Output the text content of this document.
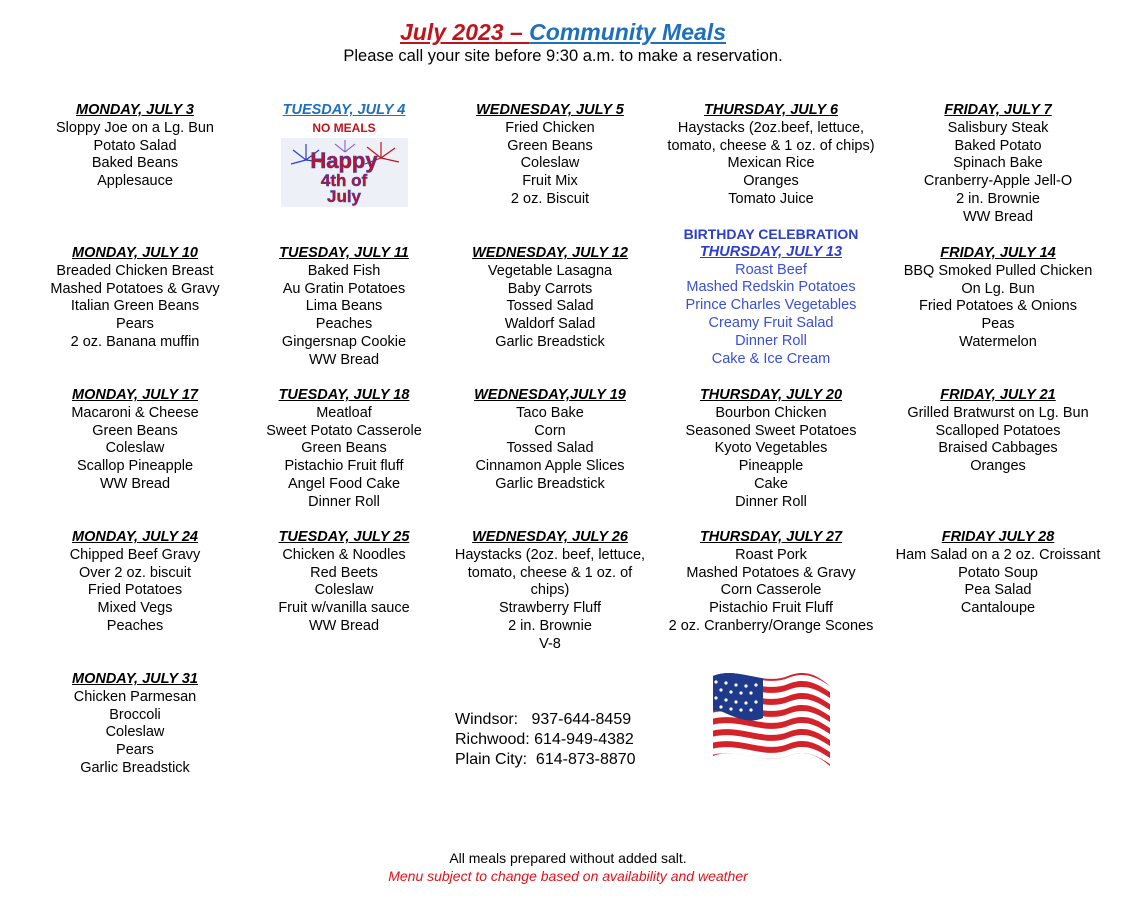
July 2023 – Community Meals
Please call your site before 9:30 a.m. to make a reservation.
MONDAY, JULY 3
Sloppy Joe on a Lg. Bun
Potato Salad
Baked Beans
Applesauce
TUESDAY, JULY 4
NO MEALS
Happy
4th of
July
WEDNESDAY, JULY 5
Fried Chicken
Green Beans
Coleslaw
Fruit Mix
2 oz. Biscuit
THURSDAY, JULY 6
Haystacks (2oz.beef, lettuce,
tomato, cheese & 1 oz. of chips)
Mexican Rice
Oranges
Tomato Juice
FRIDAY, JULY 7
Salisbury Steak
Baked Potato
Spinach Bake
Cranberry-Apple Jell-O
2 in. Brownie
WW Bread
MONDAY, JULY 10
Breaded Chicken Breast
Mashed Potatoes & Gravy
Italian Green Beans
Pears
2 oz. Banana muffin
TUESDAY, JULY 11
Baked Fish
Au Gratin Potatoes
Lima Beans
Peaches
Gingersnap Cookie
WW Bread
WEDNESDAY, JULY 12
Vegetable Lasagna
Baby Carrots
Tossed Salad
Waldorf Salad
Garlic Breadstick
BIRTHDAY CELEBRATION
THURSDAY, JULY 13
Roast Beef
Mashed Redskin Potatoes
Prince Charles Vegetables
Creamy Fruit Salad
Dinner Roll
Cake & Ice Cream
FRIDAY, JULY 14
BBQ Smoked Pulled Chicken
On Lg. Bun
Fried Potatoes & Onions
Peas
Watermelon
MONDAY, JULY 17
Macaroni & Cheese
Green Beans
Coleslaw
Scallop Pineapple
WW Bread
TUESDAY, JULY 18
Meatloaf
Sweet Potato Casserole
Green Beans
Pistachio Fruit fluff
Angel Food Cake
Dinner Roll
WEDNESDAY,JULY 19
Taco Bake
Corn
Tossed Salad
Cinnamon Apple Slices
Garlic Breadstick
THURSDAY, JULY 20
Bourbon Chicken
Seasoned Sweet Potatoes
Kyoto Vegetables
Pineapple
Cake
Dinner Roll
FRIDAY, JULY 21
Grilled Bratwurst on Lg. Bun
Scalloped Potatoes
Braised Cabbages
Oranges
MONDAY, JULY 24
Chipped Beef Gravy
Over 2 oz. biscuit
Fried Potatoes
Mixed Vegs
Peaches
TUESDAY, JULY 25
Chicken & Noodles
Red Beets
Coleslaw
Fruit w/vanilla sauce
WW Bread
WEDNESDAY, JULY 26
Haystacks (2oz. beef, lettuce,
tomato, cheese & 1 oz. of
chips)
Strawberry Fluff
2 in. Brownie
V-8
THURSDAY, JULY 27
Roast Pork
Mashed Potatoes & Gravy
Corn Casserole
Pistachio Fruit Fluff
2 oz. Cranberry/Orange Scones
FRIDAY JULY 28
Ham Salad on a 2 oz. Croissant
Potato Soup
Pea Salad
Cantaloupe
MONDAY, JULY 31
Chicken Parmesan
Broccoli
Coleslaw
Pears
Garlic Breadstick
Windsor: 937-644-8459
Richwood: 614-949-4382
Plain City: 614-873-8870
All meals prepared without added salt.
Menu subject to change based on availability and weather
